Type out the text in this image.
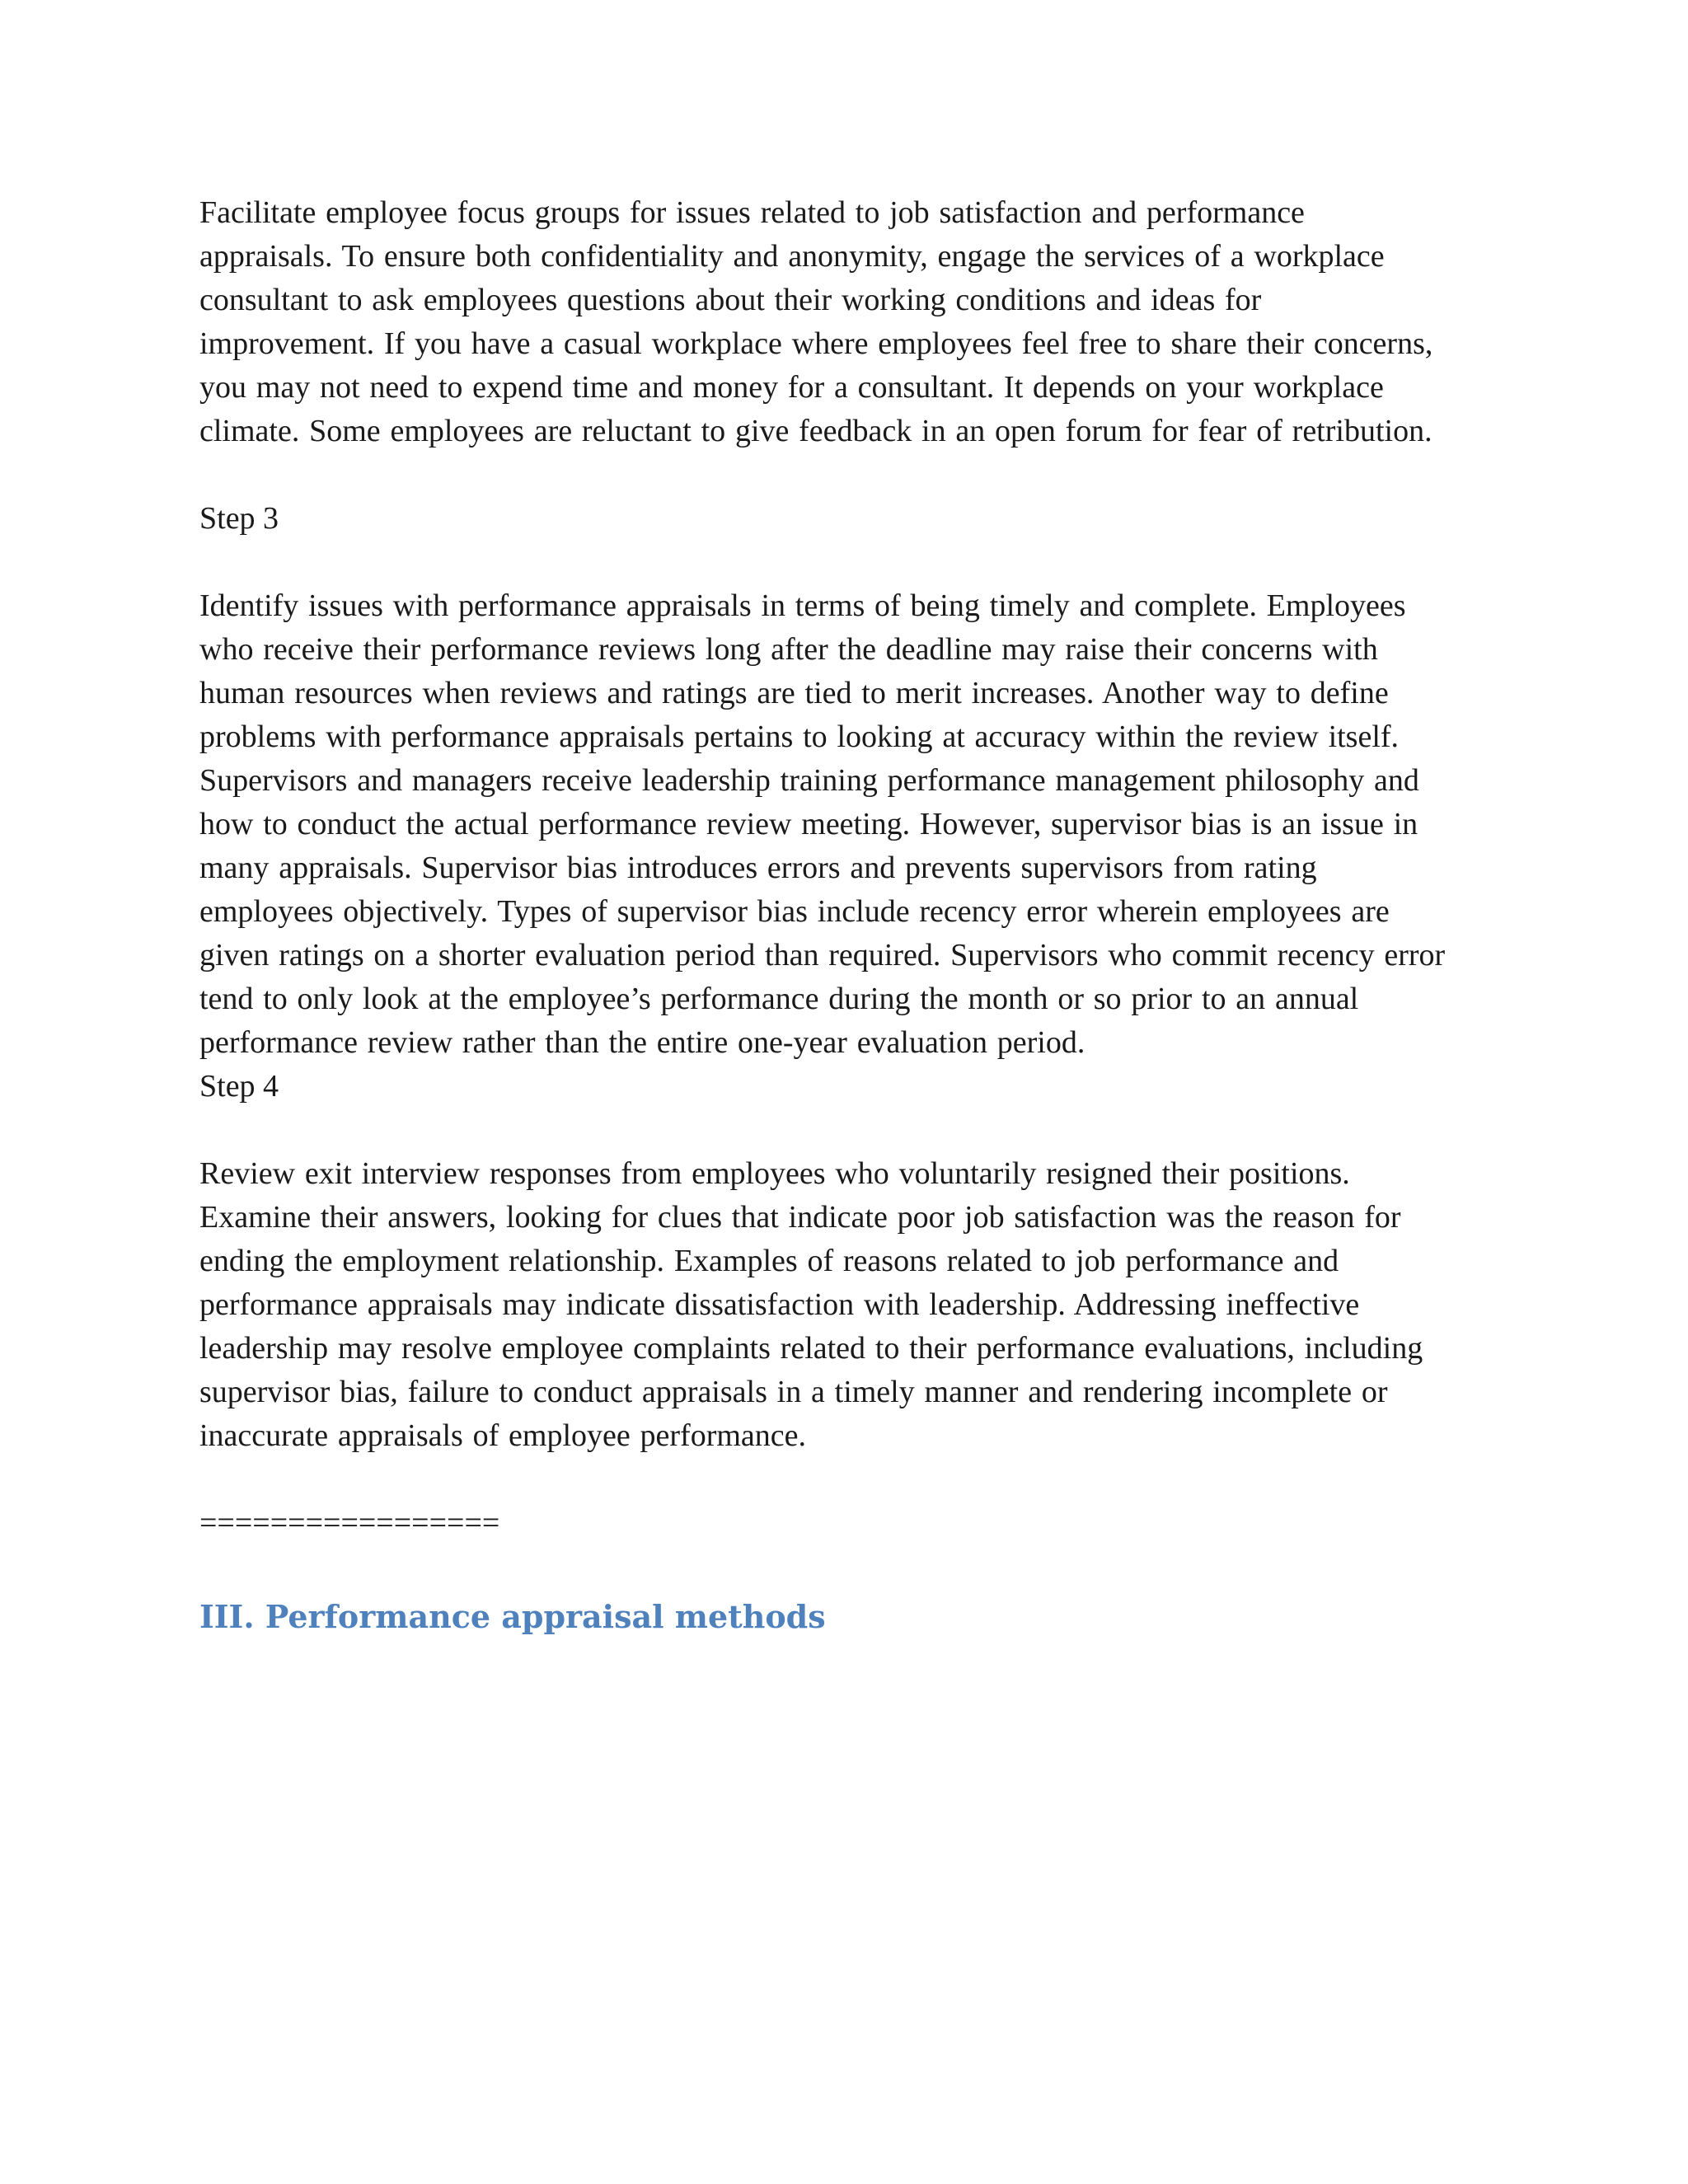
Facilitate employee focus groups for issues related to job satisfaction and performance
appraisals. To ensure both confidentiality and anonymity, engage the services of a workplace
consultant to ask employees questions about their working conditions and ideas for
improvement. If you have a casual workplace where employees feel free to share their concerns,
you may not need to expend time and money for a consultant. It depends on your workplace
climate. Some employees are reluctant to give feedback in an open forum for fear of retribution.

Step 3

Identify issues with performance appraisals in terms of being timely and complete. Employees
who receive their performance reviews long after the deadline may raise their concerns with
human resources when reviews and ratings are tied to merit increases. Another way to define
problems with performance appraisals pertains to looking at accuracy within the review itself.
Supervisors and managers receive leadership training performance management philosophy and
how to conduct the actual performance review meeting. However, supervisor bias is an issue in
many appraisals. Supervisor bias introduces errors and prevents supervisors from rating
employees objectively. Types of supervisor bias include recency error wherein employees are
given ratings on a shorter evaluation period than required. Supervisors who commit recency error
tend to only look at the employee’s performance during the month or so prior to an annual
performance review rather than the entire one-year evaluation period.

Step 4

Review exit interview responses from employees who voluntarily resigned their positions.
Examine their answers, looking for clues that indicate poor job satisfaction was the reason for
ending the employment relationship. Examples of reasons related to job performance and
performance appraisals may indicate dissatisfaction with leadership. Addressing ineffective
leadership may resolve employee complaints related to their performance evaluations, including
supervisor bias, failure to conduct appraisals in a timely manner and rendering incomplete or
inaccurate appraisals of employee performance.

=================

III. Performance appraisal methods
